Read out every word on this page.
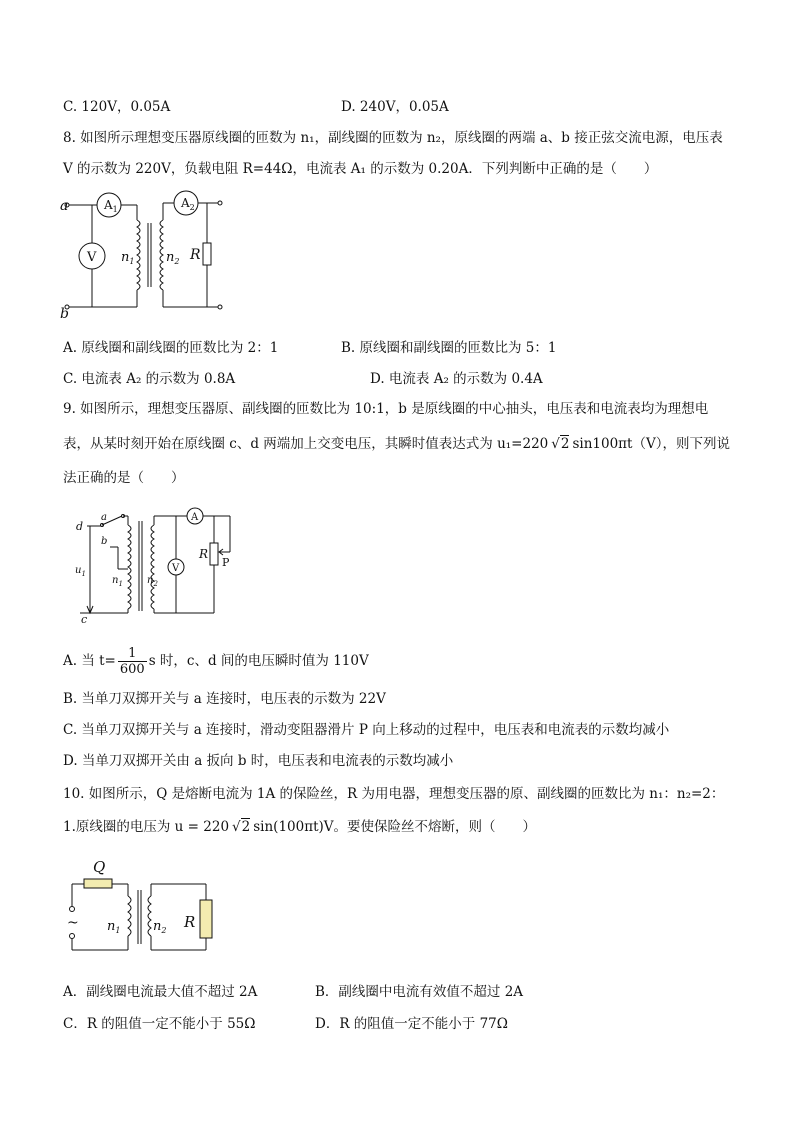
C. 120V，0.05A	D. 240V，0.05A
8. 如图所示理想变压器原线圈的匝数为 n₁，副线圈的匝数为 n₂，原线圈的两端 a、b 接正弦交流电源，电压表
V 的示数为 220V，负载电阻 R=44Ω，电流表 A₁ 的示数为 0.20A．下列判断中正确的是（　　）
a
b
$A_1$	$A_2$
V $n_1$ $n_2$ R
A. 原线圈和副线圈的匝数比为 2：1	B. 原线圈和副线圈的匝数比为 5：1
C. 电流表 A₂ 的示数为 0.8A	D. 电流表 A₂ 的示数为 0.4A
9. 如图所示，理想变压器原、副线圈的匝数比为 10:1，b 是原线圈的中心抽头，电压表和电流表均为理想电
表，从某时刻开始在原线圈 c、d 两端加上交变电压，其瞬时值表达式为 u₁=220 √2 sin100πt（V），则下列说
法正确的是（　　）
d
a
b
$u_1$
c
$n_1$ $n_2$
V
A
R
P
A. 当 $t= \frac{1}{600}$ s 时，c、d 间的电压瞬时值为 110V
B. 当单刀双掷开关与 a 连接时，电压表的示数为 22V
C. 当单刀双掷开关与 a 连接时，滑动变阻器滑片 P 向上移动的过程中，电压表和电流表的示数均减小
D. 当单刀双掷开关由 a 扳向 b 时，电压表和电流表的示数均减小
10. 如图所示，Q 是熔断电流为 1A 的保险丝，R 为用电器，理想变压器的原、副线圈的匝数比为 n₁：n₂=2：
1.原线圈的电压为 u = 220 √2 sin(100πt)V。要使保险丝不熔断，则（　　）
Q
~ $n_1$	$n_2$ R
A．副线圈电流最大值不超过 2A	B．副线圈中电流有效值不超过 2A
C．R 的阻值一定不能小于 55Ω	D．R 的阻值一定不能小于 77Ω
